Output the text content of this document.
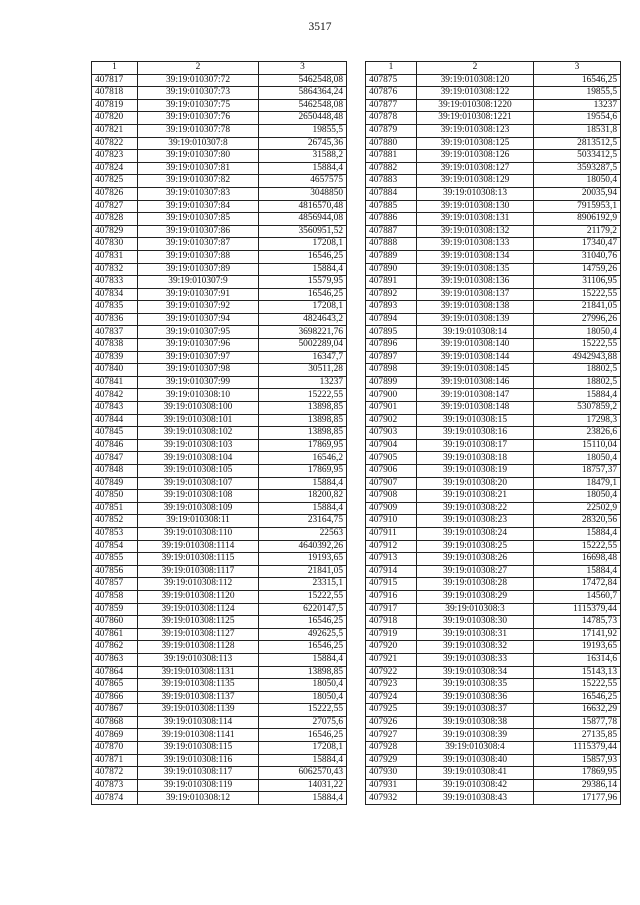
3517
1	2	3
407817	39:19:010307:72	5462548,08
407818	39:19:010307:73	5864364,24
407819	39:19:010307:75	5462548,08
407820	39:19:010307:76	2650448,48
407821	39:19:010307:78	19855,5
407822	39:19:010307:8	26745,36
407823	39:19:010307:80	31588,2
407824	39:19:010307:81	15884,4
407825	39:19:010307:82	4657575
407826	39:19:010307:83	3048850
407827	39:19:010307:84	4816570,48
407828	39:19:010307:85	4856944,08
407829	39:19:010307:86	3560951,52
407830	39:19:010307:87	17208,1
407831	39:19:010307:88	16546,25
407832	39:19:010307:89	15884,4
407833	39:19:010307:9	15579,95
407834	39:19:010307:91	16546,25
407835	39:19:010307:92	17208,1
407836	39:19:010307:94	4824643,2
407837	39:19:010307:95	3698221,76
407838	39:19:010307:96	5002289,04
407839	39:19:010307:97	16347,7
407840	39:19:010307:98	30511,28
407841	39:19:010307:99	13237
407842	39:19:010308:10	15222,55
407843	39:19:010308:100	13898,85
407844	39:19:010308:101	13898,85
407845	39:19:010308:102	13898,85
407846	39:19:010308:103	17869,95
407847	39:19:010308:104	16546,2
407848	39:19:010308:105	17869,95
407849	39:19:010308:107	15884,4
407850	39:19:010308:108	18200,82
407851	39:19:010308:109	15884,4
407852	39:19:010308:11	23164,75
407853	39:19:010308:110	22563
407854	39:19:010308:1114	4640392,26
407855	39:19:010308:1115	19193,65
407856	39:19:010308:1117	21841,05
407857	39:19:010308:112	23315,1
407858	39:19:010308:1120	15222,55
407859	39:19:010308:1124	6220147,5
407860	39:19:010308:1125	16546,25
407861	39:19:010308:1127	492625,5
407862	39:19:010308:1128	16546,25
407863	39:19:010308:113	15884,4
407864	39:19:010308:1131	13898,85
407865	39:19:010308:1135	18050,4
407866	39:19:010308:1137	18050,4
407867	39:19:010308:1139	15222,55
407868	39:19:010308:114	27075,6
407869	39:19:010308:1141	16546,25
407870	39:19:010308:115	17208,1
407871	39:19:010308:116	15884,4
407872	39:19:010308:117	6062570,43
407873	39:19:010308:119	14031,22
407874	39:19:010308:12	15884,4
1	2	3
407875	39:19:010308:120	16546,25
407876	39:19:010308:122	19855,5
407877	39:19:010308:1220	13237
407878	39:19:010308:1221	19554,6
407879	39:19:010308:123	18531,8
407880	39:19:010308:125	2813512,5
407881	39:19:010308:126	5033412,5
407882	39:19:010308:127	3593287,5
407883	39:19:010308:129	18050,4
407884	39:19:010308:13	20035,94
407885	39:19:010308:130	7915953,1
407886	39:19:010308:131	8906192,9
407887	39:19:010308:132	21179,2
407888	39:19:010308:133	17340,47
407889	39:19:010308:134	31040,76
407890	39:19:010308:135	14759,26
407891	39:19:010308:136	31106,95
407892	39:19:010308:137	15222,55
407893	39:19:010308:138	21841,05
407894	39:19:010308:139	27996,26
407895	39:19:010308:14	18050,4
407896	39:19:010308:140	15222,55
407897	39:19:010308:144	4942943,88
407898	39:19:010308:145	18802,5
407899	39:19:010308:146	18802,5
407900	39:19:010308:147	15884,4
407901	39:19:010308:148	5307859,2
407902	39:19:010308:15	17298,3
407903	39:19:010308:16	23826,6
407904	39:19:010308:17	15110,04
407905	39:19:010308:18	18050,4
407906	39:19:010308:19	18757,37
407907	39:19:010308:20	18479,1
407908	39:19:010308:21	18050,4
407909	39:19:010308:22	22502,9
407910	39:19:010308:23	28320,56
407911	39:19:010308:24	15884,4
407912	39:19:010308:25	15222,55
407913	39:19:010308:26	16698,48
407914	39:19:010308:27	15884,4
407915	39:19:010308:28	17472,84
407916	39:19:010308:29	14560,7
407917	39:19:010308:3	1115379,44
407918	39:19:010308:30	14785,73
407919	39:19:010308:31	17141,92
407920	39:19:010308:32	19193,65
407921	39:19:010308:33	16314,6
407922	39:19:010308:34	15143,13
407923	39:19:010308:35	15222,55
407924	39:19:010308:36	16546,25
407925	39:19:010308:37	16632,29
407926	39:19:010308:38	15877,78
407927	39:19:010308:39	27135,85
407928	39:19:010308:4	1115379,44
407929	39:19:010308:40	15857,93
407930	39:19:010308:41	17869,95
407931	39:19:010308:42	29386,14
407932	39:19:010308:43	17177,96
